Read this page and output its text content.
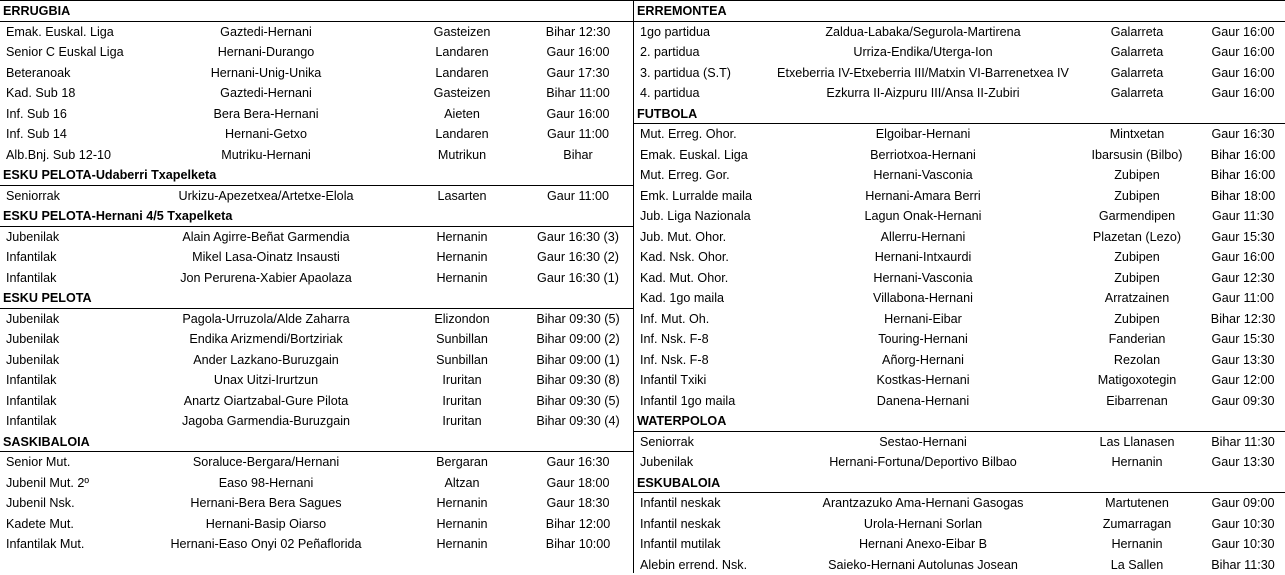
ERRUGBIA
Emak. Euskal. Liga	Gaztedi-Hernani	Gasteizen	Bihar 12:30
Senior C Euskal Liga	Hernani-Durango	Landaren	Gaur 16:00
Beteranoak	Hernani-Unig-Unika	Landaren	Gaur 17:30
Kad. Sub 18	Gaztedi-Hernani	Gasteizen	Bihar 11:00
Inf. Sub 16	Bera Bera-Hernani	Aieten	Gaur 16:00
Inf. Sub 14	Hernani-Getxo	Landaren	Gaur 11:00
Alb.Bnj. Sub 12-10	Mutriku-Hernani	Mutrikun	Bihar
ESKU PELOTA-Udaberri Txapelketa
Seniorrak	Urkizu-Apezetxea/Artetxe-Elola	Lasarten	Gaur 11:00
ESKU PELOTA-Hernani 4/5 Txapelketa
Jubenilak	Alain Agirre-Beñat Garmendia	Hernanin	Gaur 16:30 (3)
Infantilak	Mikel Lasa-Oinatz Insausti	Hernanin	Gaur 16:30 (2)
Infantilak	Jon Perurena-Xabier Apaolaza	Hernanin	Gaur 16:30 (1)
ESKU PELOTA
Jubenilak	Pagola-Urruzola/Alde Zaharra	Elizondon	Bihar 09:30 (5)
Jubenilak	Endika Arizmendi/Bortziriak	Sunbillan	Bihar 09:00 (2)
Jubenilak	Ander Lazkano-Buruzgain	Sunbillan	Bihar 09:00 (1)
Infantilak	Unax Uitzi-Irurtzun	Iruritan	Bihar 09:30 (8)
Infantilak	Anartz Oiartzabal-Gure Pilota	Iruritan	Bihar 09:30 (5)
Infantilak	Jagoba Garmendia-Buruzgain	Iruritan	Bihar 09:30 (4)
SASKIBALOIA
Senior Mut.	Soraluce-Bergara/Hernani	Bergaran	Gaur 16:30
Jubenil Mut. 2º	Easo 98-Hernani	Altzan	Gaur 18:00
Jubenil Nsk.	Hernani-Bera Bera Sagues	Hernanin	Gaur 18:30
Kadete Mut.	Hernani-Basip Oiarso	Hernanin	Bihar 12:00
Infantilak Mut.	Hernani-Easo Onyi 02 Peñaflorida	Hernanin	Bihar 10:00
ERREMONTEA
1go partidua	Zaldua-Labaka/Segurola-Martirena	Galarreta	Gaur 16:00
2. partidua	Urriza-Endika/Uterga-Ion	Galarreta	Gaur 16:00
3. partidua (S.T)	Etxeberria IV-Etxeberria III/Matxin VI-Barrenetxea IV	Galarreta	Gaur 16:00
4. partidua	Ezkurra II-Aizpuru III/Ansa II-Zubiri	Galarreta	Gaur 16:00
FUTBOLA
Mut. Erreg. Ohor.	Elgoibar-Hernani	Mintxetan	Gaur 16:30
Emak. Euskal. Liga	Berriotxoa-Hernani	Ibarsusin (Bilbo) Bihar 16:00
Mut. Erreg. Gor.	Hernani-Vasconia	Zubipen	Bihar 16:00
Emk. Lurralde maila	Hernani-Amara Berri	Zubipen	Bihar 18:00
Jub. Liga Nazionala	Lagun Onak-Hernani	Garmendipen	Gaur 11:30
Jub. Mut. Ohor.	Allerru-Hernani	Plazetan (Lezo) Gaur 15:30
Kad. Nsk. Ohor.	Hernani-Intxaurdi	Zubipen	Gaur 16:00
Kad. Mut. Ohor.	Hernani-Vasconia	Zubipen	Gaur 12:30
Kad. 1go maila	Villabona-Hernani	Arratzainen	Gaur 11:00
Inf. Mut. Oh.	Hernani-Eibar	Zubipen	Bihar 12:30
Inf. Nsk. F-8	Touring-Hernani	Fanderian	Gaur 15:30
Inf. Nsk. F-8	Añorg-Hernani	Rezolan	Gaur 13:30
Infantil Txiki	Kostkas-Hernani	Matigoxotegin	Gaur 12:00
Infantil 1go maila	Danena-Hernani	Eibarrenan	Gaur 09:30
WATERPOLOA
Seniorrak	Sestao-Hernani	Las Llanasen	Bihar 11:30
Jubenilak	Hernani-Fortuna/Deportivo Bilbao	Hernanin	Gaur 13:30
ESKUBALOIA
Infantil neskak	Arantzazuko Ama-Hernani Gasogas	Martutenen	Gaur 09:00
Infantil neskak	Urola-Hernani Sorlan	Zumarragan	Gaur 10:30
Infantil mutilak	Hernani Anexo-Eibar B	Hernanin	Gaur 10:30
Alebin errend. Nsk.	Saieko-Hernani Autolunas Josean	La Sallen	Bihar 11:30
